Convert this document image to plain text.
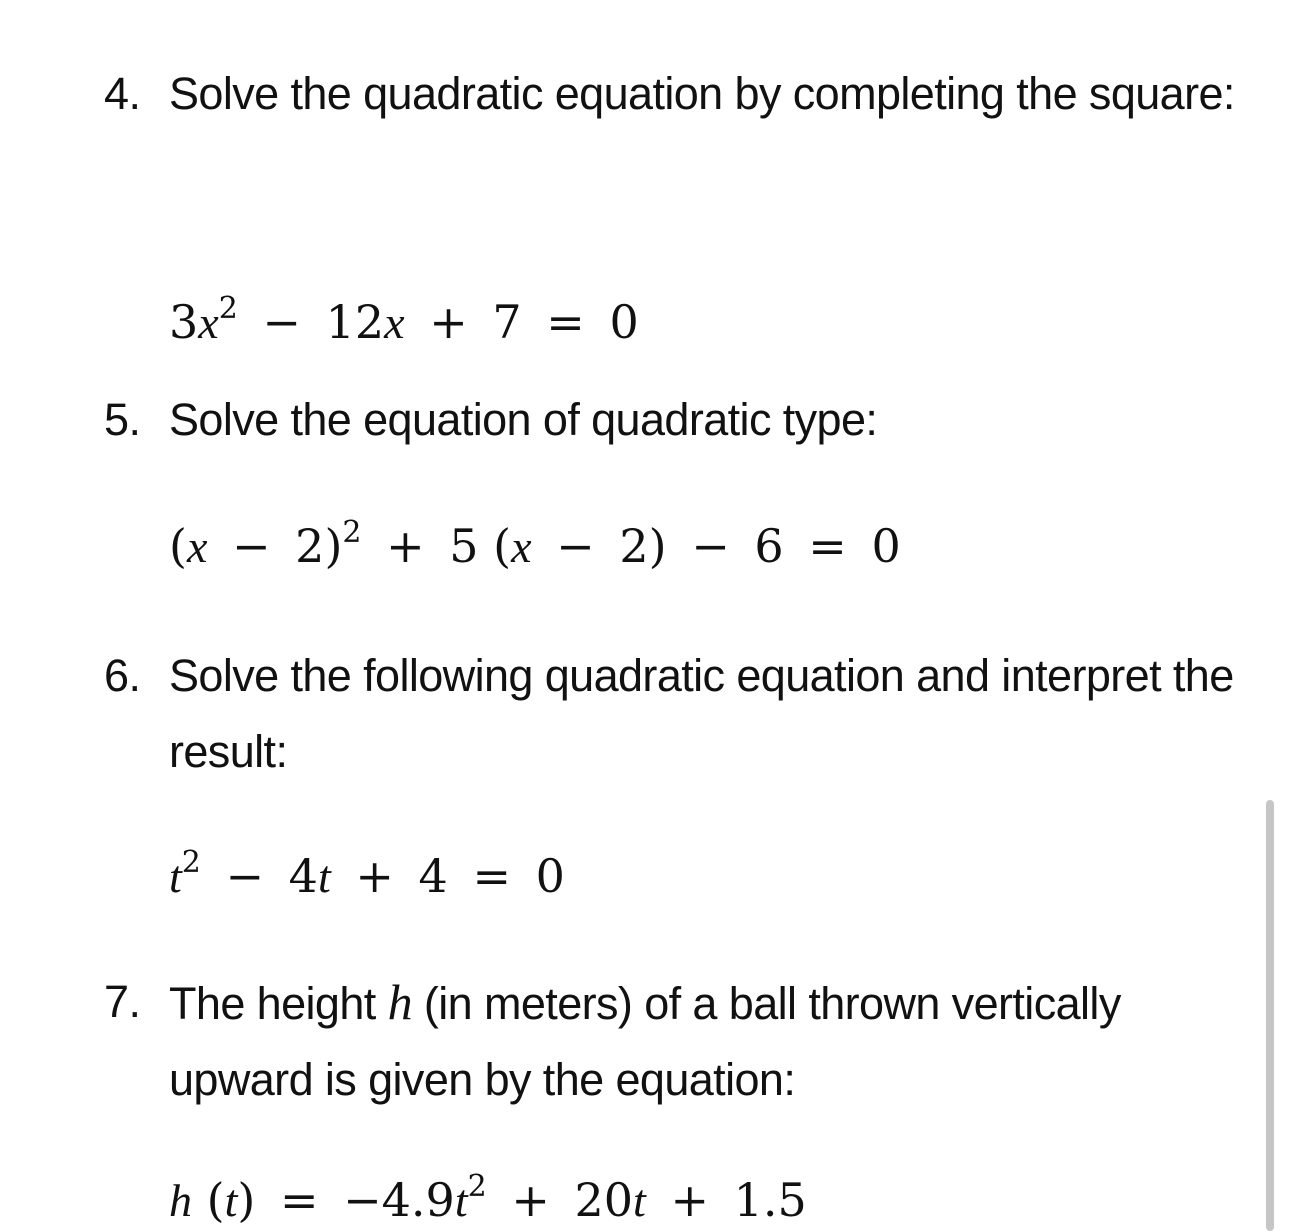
4. Solve the quadratic equation by completing the square:
$3x^2 - 12x + 7 = 0$
5. Solve the equation of quadratic type:
$(x - 2)^2 + 5$ (x − 2) − 6 = 0
6. Solve the following quadratic equation and interpret the result:
$t^2 - 4t + 4 = 0$
7. The height h (in meters) of a ball thrown vertically upward is given by the equation:
h $(t) = -4.9t^2 + 20t + 1.5$
